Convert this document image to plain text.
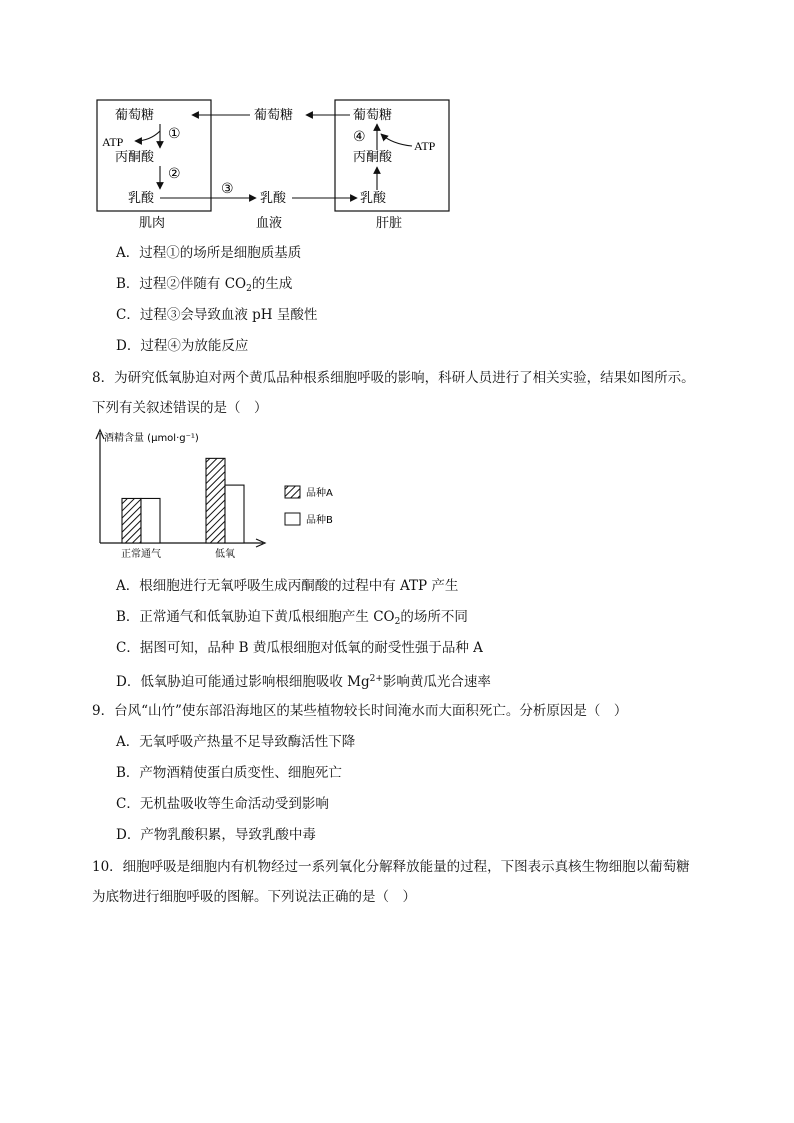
葡萄糖
ATP	①
丙酮酸
②
乳酸
肌肉
葡萄糖
③
乳酸
血液
葡萄糖
④
ATP
丙酮酸
乳酸
肝脏
A．过程①的场所是细胞质基质
B．过程②伴随有 $CO_2$的生成
C．过程③会导致血液 pH 呈酸性
D．过程④为放能反应
8．为研究低氧胁迫对两个黄瓜品种根系细胞呼吸的影响，科研人员进行了相关实验，结果如图所示。
下列有关叙述错误的是（　）
酒精含量 (μmol·g⁻¹)
正常通气	低氧
品种A
品种B
A．根细胞进行无氧呼吸生成丙酮酸的过程中有 ATP 产生
B．正常通气和低氧胁迫下黄瓜根细胞产生 $CO_2$的场所不同
C．据图可知，品种 B 黄瓜根细胞对低氧的耐受性强于品种 A
D．低氧胁迫可能通过影响根细胞吸收 $Mg^{2+}$影响黄瓜光合速率
9．台风“山竹”使东部沿海地区的某些植物较长时间淹水而大面积死亡。分析原因是（　）
A．无氧呼吸产热量不足导致酶活性下降
B．产物酒精使蛋白质变性、细胞死亡
C．无机盐吸收等生命活动受到影响
D．产物乳酸积累，导致乳酸中毒
10．细胞呼吸是细胞内有机物经过一系列氧化分解释放能量的过程，下图表示真核生物细胞以葡萄糖
为底物进行细胞呼吸的图解。下列说法正确的是（　）
